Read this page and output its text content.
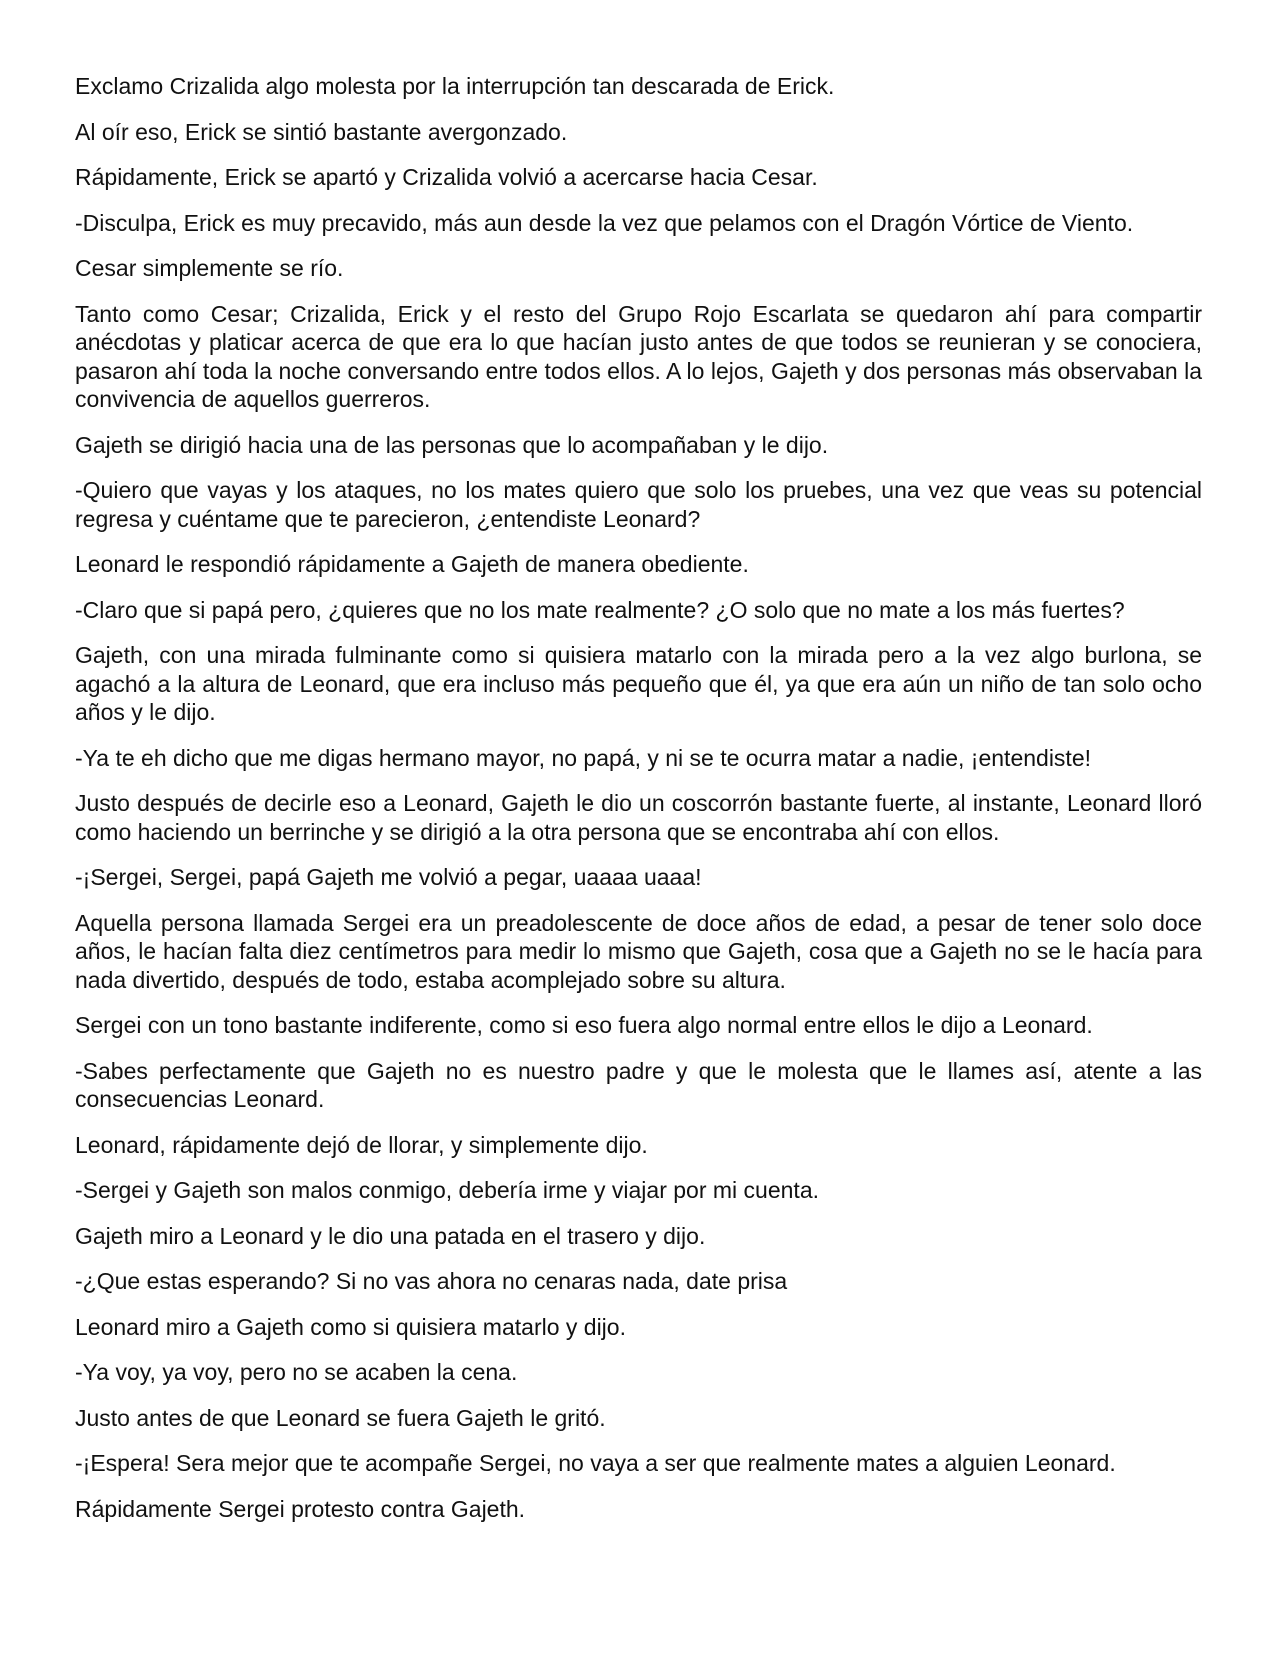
Exclamo Crizalida algo molesta por la interrupción tan descarada de Erick.

Al oír eso, Erick se sintió bastante avergonzado.

Rápidamente, Erick se apartó y Crizalida volvió a acercarse hacia Cesar.

-Disculpa, Erick es muy precavido, más aun desde la vez que pelamos con el Dragón Vórtice de Viento.

Cesar simplemente se río.

Tanto como Cesar; Crizalida, Erick y el resto del Grupo Rojo Escarlata se quedaron ahí para compartir anécdotas y platicar acerca de que era lo que hacían justo antes de que todos se reunieran y se conociera, pasaron ahí toda la noche conversando entre todos ellos. A lo lejos, Gajeth y dos personas más observaban la convivencia de aquellos guerreros.

Gajeth se dirigió hacia una de las personas que lo acompañaban y le dijo.

-Quiero que vayas y los ataques, no los mates quiero que solo los pruebes, una vez que veas su potencial regresa y cuéntame que te parecieron, ¿entendiste Leonard?

Leonard le respondió rápidamente a Gajeth de manera obediente.

-Claro que si papá pero, ¿quieres que no los mate realmente? ¿O solo que no mate a los más fuertes?

Gajeth, con una mirada fulminante como si quisiera matarlo con la mirada pero a la vez algo burlona, se agachó a la altura de Leonard, que era incluso más pequeño que él, ya que era aún un niño de tan solo ocho años y le dijo.

-Ya te eh dicho que me digas hermano mayor, no papá, y ni se te ocurra matar a nadie, ¡entendiste!

Justo después de decirle eso a Leonard, Gajeth le dio un coscorrón bastante fuerte, al instante, Leonard lloró como haciendo un berrinche y se dirigió a la otra persona que se encontraba ahí con ellos.

-¡Sergei, Sergei, papá Gajeth me volvió a pegar, uaaaa uaaa!

Aquella persona llamada Sergei era un preadolescente de doce años de edad, a pesar de tener solo doce años, le hacían falta diez centímetros para medir lo mismo que Gajeth, cosa que a Gajeth no se le hacía para nada divertido, después de todo, estaba acomplejado sobre su altura.

Sergei con un tono bastante indiferente, como si eso fuera algo normal entre ellos le dijo a Leonard.

-Sabes perfectamente que Gajeth no es nuestro padre y que le molesta que le llames así, atente a las consecuencias Leonard.

Leonard, rápidamente dejó de llorar, y simplemente dijo.

-Sergei y Gajeth son malos conmigo, debería irme y viajar por mi cuenta.

Gajeth miro a Leonard y le dio una patada en el trasero y dijo.

-¿Que estas esperando? Si no vas ahora no cenaras nada, date prisa

Leonard miro a Gajeth como si quisiera matarlo y dijo.

-Ya voy, ya voy, pero no se acaben la cena.

Justo antes de que Leonard se fuera Gajeth le gritó.

-¡Espera! Sera mejor que te acompañe Sergei, no vaya a ser que realmente mates a alguien Leonard.

Rápidamente Sergei protesto contra Gajeth.
